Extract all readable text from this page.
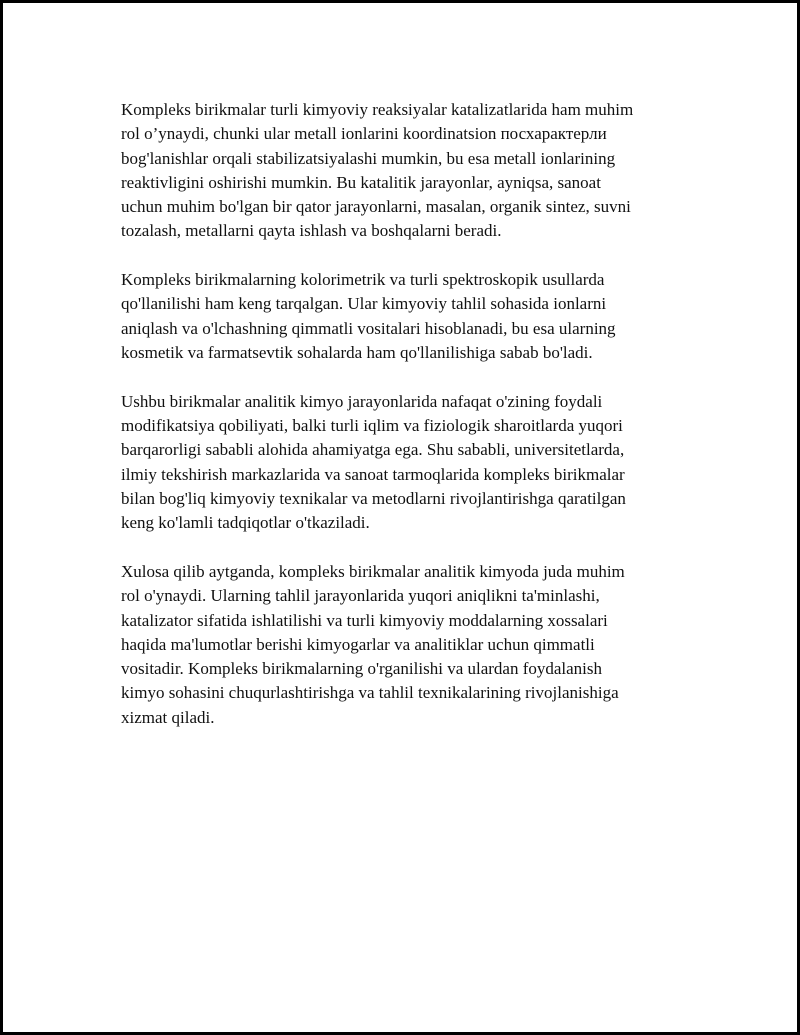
Kompleks birikmalar turli kimyoviy reaksiyalar katalizatlarida ham muhim
rol o’ynaydi, chunki ular metall ionlarini koordinatsion посхарактерли
bog'lanishlar orqali stabilizatsiyalashi mumkin, bu esa metall ionlarining
reaktivligini oshirishi mumkin. Bu katalitik jarayonlar, ayniqsa, sanoat
uchun muhim bo'lgan bir qator jarayonlarni, masalan, organik sintez, suvni
tozalash, metallarni qayta ishlash va boshqalarni beradi.

Kompleks birikmalarning kolorimetrik va turli spektroskopik usullarda
qo'llanilishi ham keng tarqalgan. Ular kimyoviy tahlil sohasida ionlarni
aniqlash va o'lchashning qimmatli vositalari hisoblanadi, bu esa ularning
kosmetik va farmatsevtik sohalarda ham qo'llanilishiga sabab bo'ladi.

Ushbu birikmalar analitik kimyo jarayonlarida nafaqat o'zining foydali
modifikatsiya qobiliyati, balki turli iqlim va fiziologik sharoitlarda yuqori
barqarorligi sababli alohida ahamiyatga ega. Shu sababli, universitetlarda,
ilmiy tekshirish markazlarida va sanoat tarmoqlarida kompleks birikmalar
bilan bog'liq kimyoviy texnikalar va metodlarni rivojlantirishga qaratilgan
keng ko'lamli tadqiqotlar o'tkaziladi.

Xulosa qilib aytganda, kompleks birikmalar analitik kimyoda juda muhim
rol o'ynaydi. Ularning tahlil jarayonlarida yuqori aniqlikni ta'minlashi,
katalizator sifatida ishlatilishi va turli kimyoviy moddalarning xossalari
haqida ma'lumotlar berishi kimyogarlar va analitiklar uchun qimmatli
vositadir. Kompleks birikmalarning o'rganilishi va ulardan foydalanish
kimyo sohasini chuqurlashtirishga va tahlil texnikalarining rivojlanishiga
xizmat qiladi.
